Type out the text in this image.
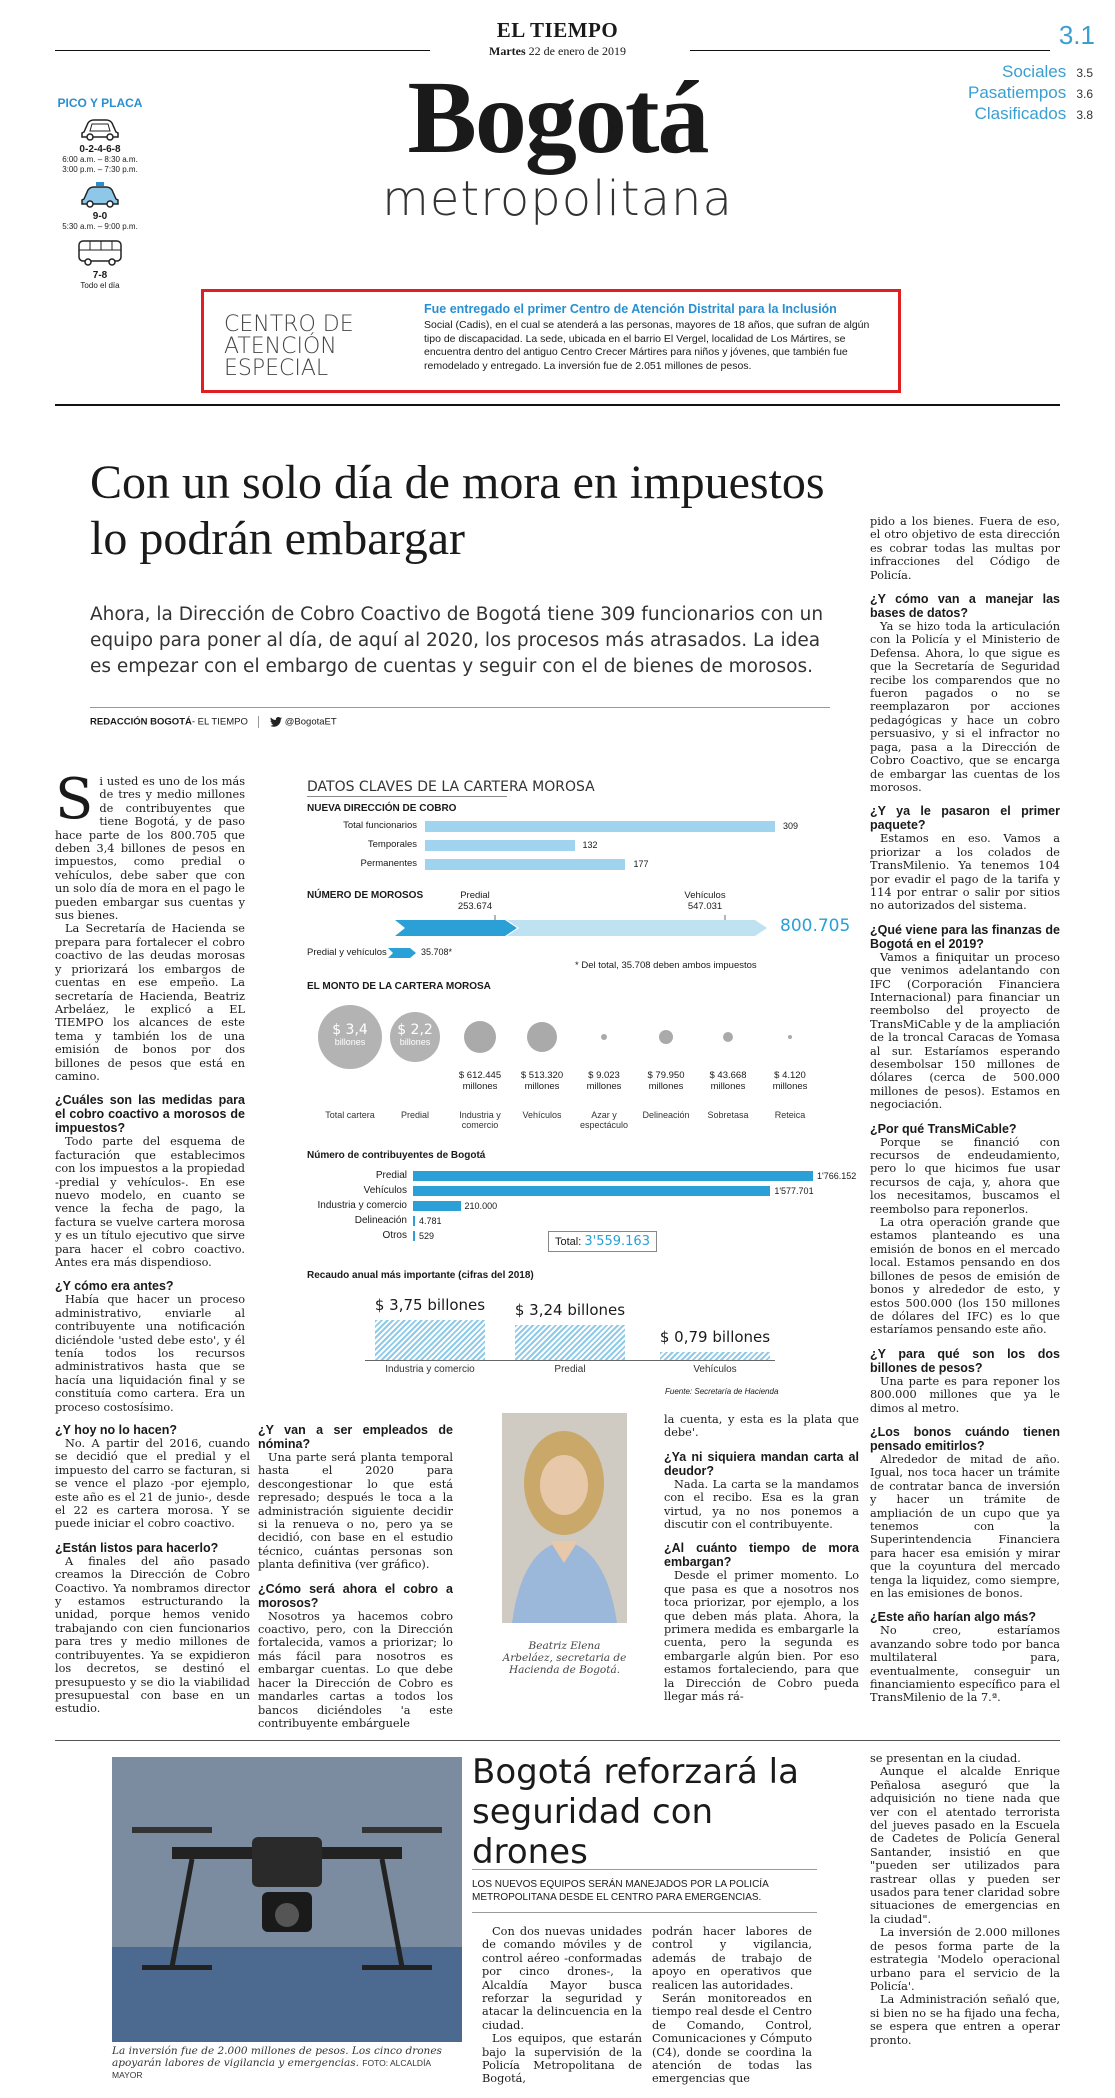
EL TIEMPO
Martes 22 de enero de 2019
3.1
Sociales 3.5
Pasatiempos 3.6
Clasificados 3.8
Bogotá
metropolitana
PICO Y PLACA
0-2-4-6-8
6:00 a.m. – 8:30 a.m.
3:00 p.m. – 7:30 p.m.
9-0
5:30 a.m. – 9:00 p.m.
7-8
Todo el día
CENTRO DE ATENCIÓN ESPECIAL
Fue entregado el primer Centro de Atención Distrital para la Inclusión
Social (Cadis), en el cual se atenderá a las personas, mayores de 18 años, que sufran de algún tipo de discapacidad. La sede, ubicada en el barrio El Vergel, localidad de Los Mártires, se encuentra dentro del antiguo Centro Crecer Mártires para niños y jóvenes, que también fue remodelado y entregado. La inversión fue de 2.051 millones de pesos.
Con un solo día de mora en impuestos lo podrán embargar
Ahora, la Dirección de Cobro Coactivo de Bogotá tiene 309 funcionarios con un equipo para poner al día, de aquí al 2020, los procesos más atrasados. La idea es empezar con el embargo de cuentas y seguir con el de bienes de morosos.
REDACCIÓN BOGOTÁ- EL TIEMPO	@BogotaET
S i usted es uno de los más de tres y medio millones de contribuyentes que tiene Bogotá, y de paso hace parte de los 800.705 que deben 3,4 billones de pesos en impuestos, como predial o vehículos, debe saber que con un solo día de mora en el pago le pueden embargar sus cuentas y sus bienes.

La Secretaría de Hacienda se prepara para fortalecer el cobro coactivo de las deudas morosas y priorizará los embargos de cuentas en ese empeño. La secretaría de Hacienda, Beatriz Arbeláez, le explicó a EL TIEMPO los alcances de este tema y también los de una emisión de bonos por dos billones de pesos que está en camino.

¿Cuáles son las medidas para el cobro coactivo a morosos de impuestos?

Todo parte del esquema de facturación que establecimos con los impuestos a la propiedad -predial y vehículos-. En ese nuevo modelo, en cuanto se vence la fecha de pago, la factura se vuelve cartera morosa y es un título ejecutivo que sirve para hacer el cobro coactivo. Antes era más dispendioso.

¿Y cómo era antes?

Había que hacer un proceso administrativo, enviarle al contribuyente una notificación diciéndole 'usted debe esto', y él tenía todos los recursos administrativos hasta que se hacía una liquidación final y se constituía como cartera. Era un proceso costosísimo.

DATOS CLAVES DE LA CARTERA MOROSA
NUEVA DIRECCIÓN DE COBRO
Total funcionarios	309
Temporales	132
Permanentes	177
NÚMERO DE MOROSOS	Predial
253.674
Vehículos
547.031
800.705
Predial y vehículos	35.708*
* Del total, 35.708 deben ambos impuestos
EL MONTO DE LA CARTERA MOROSA
$ 3,4
billones
Total cartera
$ 2,2
billones
Predial
$ 612.445
millones
Industria y comercio
$ 513.320
millones
Vehículos
$ 9.023
millones
Azar y espectáculo
$ 79.950
millones
Delineación
$ 43.668
millones
Sobretasa
$ 4.120
millones
Reteica
Número de contribuyentes de Bogotá
Predial	1'766.152
Vehículos	1'577.701
Industria y comercio	210.000
Delineación 4.781
Otros 529	Total: 3'559.163
Recaudo anual más importante (cifras del 2018)
$ 3,75 billones
Industria y comercio
$ 3,24 billones
Predial
$ 0,79 billones
Vehículos
Fuente: Secretaría de Hacienda

¿Y hoy no lo hacen?

No. A partir del 2016, cuando se decidió que el predial y el impuesto del carro se facturan, si se vence el plazo -por ejemplo, este año es el 21 de junio-, desde el 22 es cartera morosa. Y se puede iniciar el cobro coactivo.

¿Están listos para hacerlo?

A finales del año pasado creamos la Dirección de Cobro Coactivo. Ya nombramos director y estamos estructurando la unidad, porque hemos venido trabajando con cien funcionarios para tres y medio millones de contribuyentes. Ya se expidieron los decretos, se destinó el presupuesto y se dio la viabilidad presupuestal con base en un estudio.

¿Y van a ser empleados de nómina?

Una parte será planta temporal hasta el 2020 para descongestionar lo que está represado; después le toca a la administración siguiente decidir si la renueva o no, pero ya se decidió, con base en el estudio técnico, cuántas personas son planta definitiva (ver gráfico).

¿Cómo será ahora el cobro a morosos?

Nosotros ya hacemos cobro coactivo, pero, con la Dirección fortalecida, vamos a priorizar; lo más fácil para nosotros es embargar cuentas. Lo que debe hacer la Dirección de Cobro es mandarles cartas a todos los bancos diciéndoles 'a este contribuyente embárguele

Beatriz Elena Arbeláez, secretaria de Hacienda de Bogotá.

la cuenta, y esta es la plata que debe'.

¿Ya ni siquiera mandan carta al deudor?

Nada. La carta se la mandamos con el recibo. Esa es la gran virtud, ya no nos ponemos a discutir con el contribuyente.

¿Al cuánto tiempo de mora embargan?

Desde el primer momento. Lo que pasa es que a nosotros nos toca priorizar, por ejemplo, a los que deben más plata. Ahora, la primera medida es embargarle la cuenta, pero la segunda es embargarle algún bien. Por eso estamos fortaleciendo, para que la Dirección de Cobro pueda llegar más rá-

pido a los bienes. Fuera de eso, el otro objetivo de esta dirección es cobrar todas las multas por infracciones del Código de Policía.

¿Y cómo van a manejar las bases de datos?

Ya se hizo toda la articulación con la Policía y el Ministerio de Defensa. Ahora, lo que sigue es que la Secretaría de Seguridad recibe los comparendos que no fueron pagados o no se reemplazaron por acciones pedagógicas y hace un cobro persuasivo, y si el infractor no paga, pasa a la Dirección de Cobro Coactivo, que se encarga de embargar las cuentas de los morosos.

¿Y ya le pasaron el primer paquete?

Estamos en eso. Vamos a priorizar a los colados de TransMilenio. Ya tenemos 104 por evadir el pago de la tarifa y 114 por entrar o salir por sitios no autorizados del sistema.

¿Qué viene para las finanzas de Bogotá en el 2019?

Vamos a finiquitar un proceso que venimos adelantando con IFC (Corporación Financiera Internacional) para financiar un reembolso del proyecto de TransMiCable y de la ampliación de la troncal Caracas de Yomasa al sur. Estaríamos esperando desembolsar 150 millones de dólares (cerca de 500.000 millones de pesos). Estamos en negociación.

¿Por qué TransMiCable?

Porque se financió con recursos de endeudamiento, pero lo que hicimos fue usar recursos de caja, y, ahora que los necesitamos, buscamos el reembolso para reponerlos.

La otra operación grande que estamos planteando es una emisión de bonos en el mercado local. Estamos pensando en dos billones de pesos de emisión de bonos y alrededor de esto, y estos 500.000 (los 150 millones de dólares del IFC) es lo que estaríamos pensando este año.

¿Y para qué son los dos billones de pesos?

Una parte es para reponer los 800.000 millones que ya le dimos al metro.

¿Los bonos cuándo tienen pensado emitirlos?

Alrededor de mitad de año. Igual, nos toca hacer un trámite de contratar banca de inversión y hacer un trámite de ampliación de un cupo que ya tenemos con la Superintendencia Financiera para hacer esa emisión y mirar que la coyuntura del mercado tenga la liquidez, como siempre, en las emisiones de bonos.

¿Este año harían algo más?

No creo, estaríamos avanzando sobre todo por banca multilateral para, eventualmente, conseguir un financiamiento específico para el TransMilenio de la 7.ª.

La inversión fue de 2.000 millones de pesos. Los cinco drones apoyarán labores de vigilancia y emergencias. FOTO: ALCALDÍA MAYOR
Bogotá reforzará la seguridad con drones
LOS NUEVOS EQUIPOS SERÁN MANEJADOS POR LA POLICÍA METROPOLITANA DESDE EL CENTRO PARA EMERGENCIAS.

Con dos nuevas unidades de comando móviles y de control aéreo -conformadas por cinco drones-, la Alcaldía Mayor busca reforzar la seguridad y atacar la delincuencia en la ciudad.

Los equipos, que estarán bajo la supervisión de la Policía Metropolitana de Bogotá,

podrán hacer labores de control y vigilancia, además de trabajo de apoyo en operativos que realicen las autoridades.

Serán monitoreados en tiempo real desde el Centro de Comando, Control, Comunicaciones y Cómputo (C4), donde se coordina la atención de todas las emergencias que

se presentan en la ciudad.

Aunque el alcalde Enrique Peñalosa aseguró que la adquisición no tiene nada que ver con el atentado terrorista del jueves pasado en la Escuela de Cadetes de Policía General Santander, insistió en que "pueden ser utilizados para rastrear ollas y pueden ser usados para tener claridad sobre situaciones de emergencias en la ciudad".

La inversión de 2.000 millones de pesos forma parte de la estrategia 'Modelo operacional urbano para el servicio de la Policía'.

La Administración señaló que, si bien no se ha fijado una fecha, se espera que entren a operar pronto.
